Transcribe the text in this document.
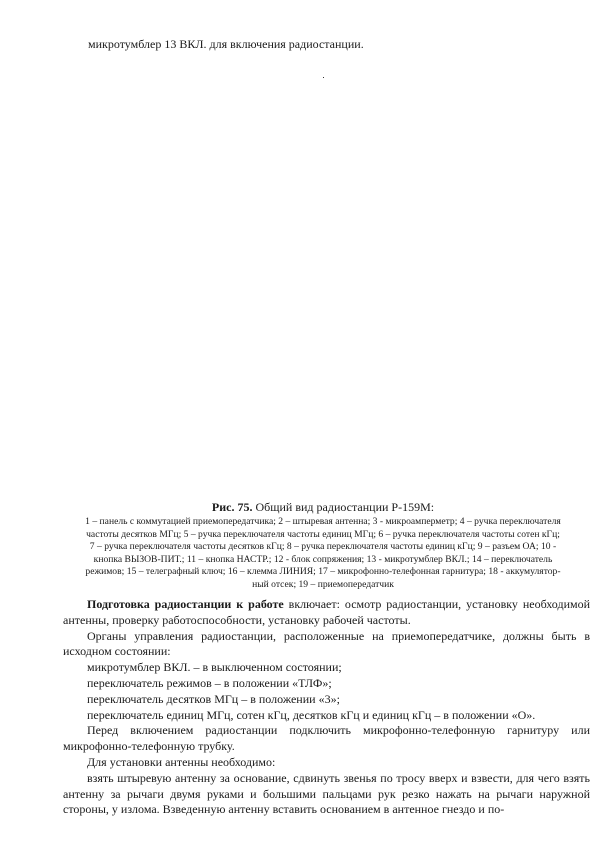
микротумблер 13 ВКЛ. для включения радиостанции.
Рис. 75. Общий вид радиостанции Р-159М:
1 – панель с коммутацией приемопередатчика; 2 – штыревая антенна; 3 - микроамперметр; 4 – ручка переключателя
частоты десятков МГц; 5 – ручка переключателя частоты единиц МГц; 6 – ручка переключателя частоты сотен кГц;
7 – ручка переключателя частоты десятков кГц; 8 – ручка переключателя частоты единиц кГц; 9 – разъем ОА; 10 -
кнопка ВЫЗОВ-ПИТ.; 11 – кнопка НАСТР.; 12 - блок сопряжения; 13 - микротумблер ВКЛ.; 14 – переключатель
режимов; 15 – телеграфный ключ; 16 – клемма ЛИНИЯ; 17 – микрофонно-телефонная гарнитура; 18 - аккумулятор-
ный отсек; 19 – приемопередатчик

Подготовка радиостанции к работе включает: осмотр радиостанции, установку необходимой антенны, проверку работоспособности, установку рабочей частоты.

Органы управления радиостанции, расположенные на приемопередатчике, должны быть в исходном состоянии:

микротумблер ВКЛ. – в выключенном состоянии;

переключатель режимов – в положении «ТЛФ»;

переключатель десятков МГц – в положении «3»;

переключатель единиц МГц, сотен кГц, десятков кГц и единиц кГц – в положении «О».

Перед включением радиостанции подключить микрофонно-телефонную гарнитуру или микрофонно-телефонную трубку.

Для установки антенны необходимо:

взять штыревую антенну за основание, сдвинуть звенья по тросу вверх и взвести, для чего взять антенну за рычаги двумя руками и большими пальцами рук резко нажать на рычаги наружной стороны, у излома. Взведенную антенну вставить основанием в антенное гнездо и по-
